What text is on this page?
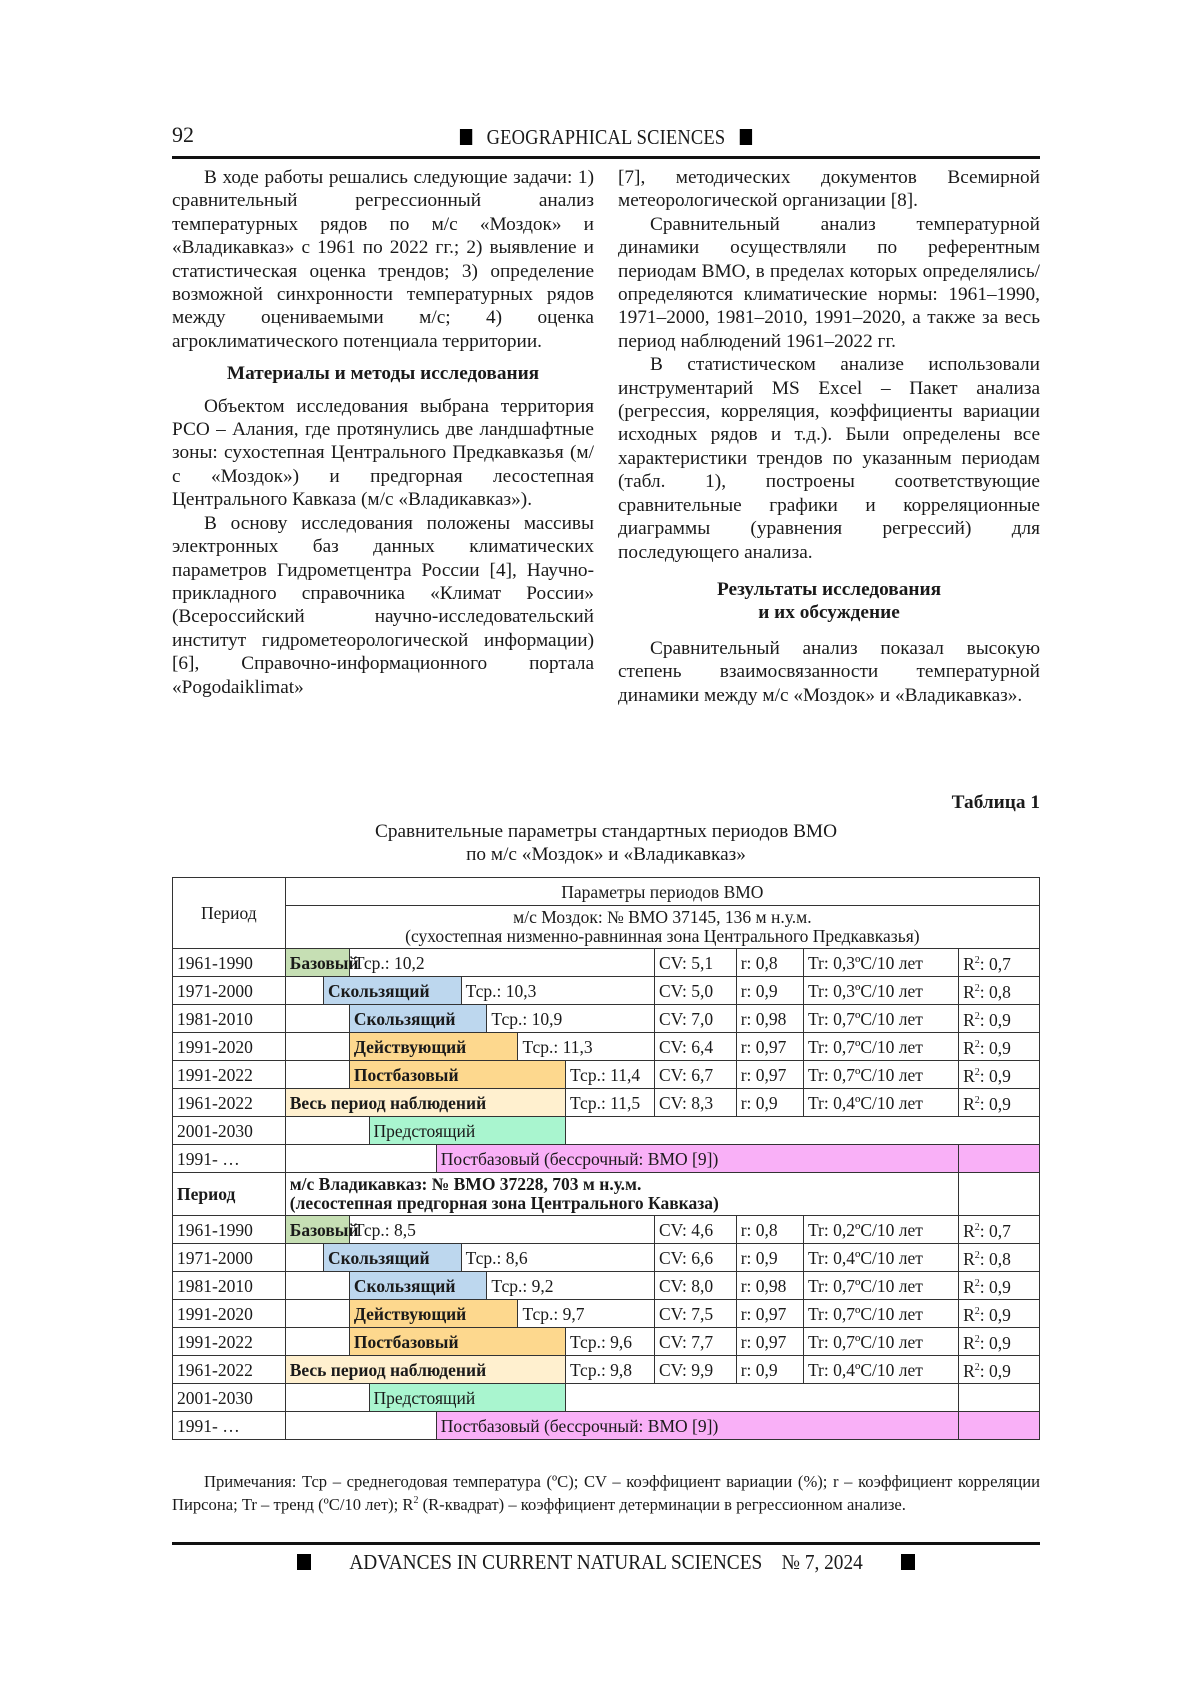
92	GEOGRAPHICAL SCIENCES

В ходе работы решались следующие задачи: 1) сравнительный регрессионный анализ температурных рядов по м/с «Моздок» и «Владикавказ» с 1961 по 2022 гг.; 2) выявление и статистическая оценка трендов; 3) определение возможной синхронности температурных рядов между оцениваемыми м/с; 4) оценка агроклиматического потенциала территории.

Материалы и методы исследования

Объектом исследования выбрана территория РСО – Алания, где протянулись две ландшафтные зоны: сухостепная Центрального Предкавказья (м/с «Моздок») и предгорная лесостепная Центрального Кавказа (м/с «Владикавказ»).

В основу исследования положены массивы электронных баз данных климатических параметров Гидрометцентра России [4], Научно-прикладного справочника «Климат России» (Всероссийский научно-исследовательский институт гидрометеорологической информации) [6], Справочно-информационного портала «Pogodaiklimat»

[7], методических документов Всемирной метеорологической организации [8].

Сравнительный анализ температурной динамики осуществляли по референтным периодам ВМО, в пределах которых определялись/определяются климатические нормы: 1961–1990, 1971–2000, 1981–2010, 1991–2020, а также за весь период наблюдений 1961–2022 гг.

В статистическом анализе использовали инструментарий MS Excel – Пакет анализа (регрессия, корреляция, коэффициенты вариации исходных рядов и т.д.). Были определены все характеристики трендов по указанным периодам (табл. 1), построены соответствующие сравнительные графики и корреляционные диаграммы (уравнения регрессий) для последующего анализа.

Результаты исследования
и их обсуждение

Сравнительный анализ показал высокую степень взаимосвязанности температурной динамики между м/с «Моздок» и «Владикавказ».

Таблица 1
Сравнительные параметры стандартных периодов ВМО
по м/с «Моздок» и «Владикавказ»
Период	Параметры периодов ВМО												
	м/с Моздок: № ВМО 37145, 136 м н.у.м.
(сухостепная низменно-равнинная зона Центрального Предкавказья)												
1961-1990	Базовый		Тср.: 10,2							CV: 5,1	r: 0,8	Tr: 0,3ºC/10 лет	$R^2$: 0,7
1971-2000		Скользящий				Тср.: 10,3				CV: 5,0	r: 0,9	Tr: 0,3ºC/10 лет	$R^2$: 0,8
1981-2010			Скользящий				Тср.: 10,9			CV: 7,0	r: 0,98	Tr: 0,7ºC/10 лет	$R^2$: 0,9
1991-2020			Действующий					Тср.: 11,3		CV: 6,4	r: 0,97	Tr: 0,7ºC/10 лет	$R^2$: 0,9
1991-2022			Постбазовый						Тср.: 11,4	CV: 6,7	r: 0,97	Tr: 0,7ºC/10 лет	$R^2$: 0,9
1961-2022	Весь период наблюдений								Тср.: 11,5	CV: 8,3	r: 0,9	Tr: 0,4ºC/10 лет	$R^2$: 0,9
2001-2030				Предстоящий									
1991- …					Постбазовый (бессрочный: ВМО [9])								
Период	м/с Владикавказ: № ВМО 37228, 703 м н.у.м.
(лесостепная предгорная зона Центрального Кавказа)												
1961-1990	Базовый		Тср.: 8,5							CV: 4,6	r: 0,8	Tr: 0,2ºC/10 лет	$R^2$: 0,7
1971-2000		Скользящий				Тср.: 8,6				CV: 6,6	r: 0,9	Tr: 0,4ºC/10 лет	$R^2$: 0,8
1981-2010			Скользящий				Тср.: 9,2			CV: 8,0	r: 0,98	Tr: 0,7ºC/10 лет	$R^2$: 0,9
1991-2020			Действующий					Тср.: 9,7		CV: 7,5	r: 0,97	Tr: 0,7ºC/10 лет	$R^2$: 0,9
1991-2022			Постбазовый						Тср.: 9,6	CV: 7,7	r: 0,97	Tr: 0,7ºC/10 лет	$R^2$: 0,9
1961-2022	Весь период наблюдений								Тср.: 9,8	CV: 9,9	r: 0,9	Tr: 0,4ºC/10 лет	$R^2$: 0,9
2001-2030				Предстоящий									
1991- …					Постбазовый (бессрочный: ВМО [9])								

Примечания: Тср – среднегодовая температура (ºC); CV – коэффициент вариации (%); r – коэффициент корреляции Пирсона; Tr – тренд (ºC/10 лет); $R^2$ (R-квадрат) – коэффициент детерминации в регрессионном анализе.

ADVANCES IN CURRENT NATURAL SCIENCES № 7, 2024
